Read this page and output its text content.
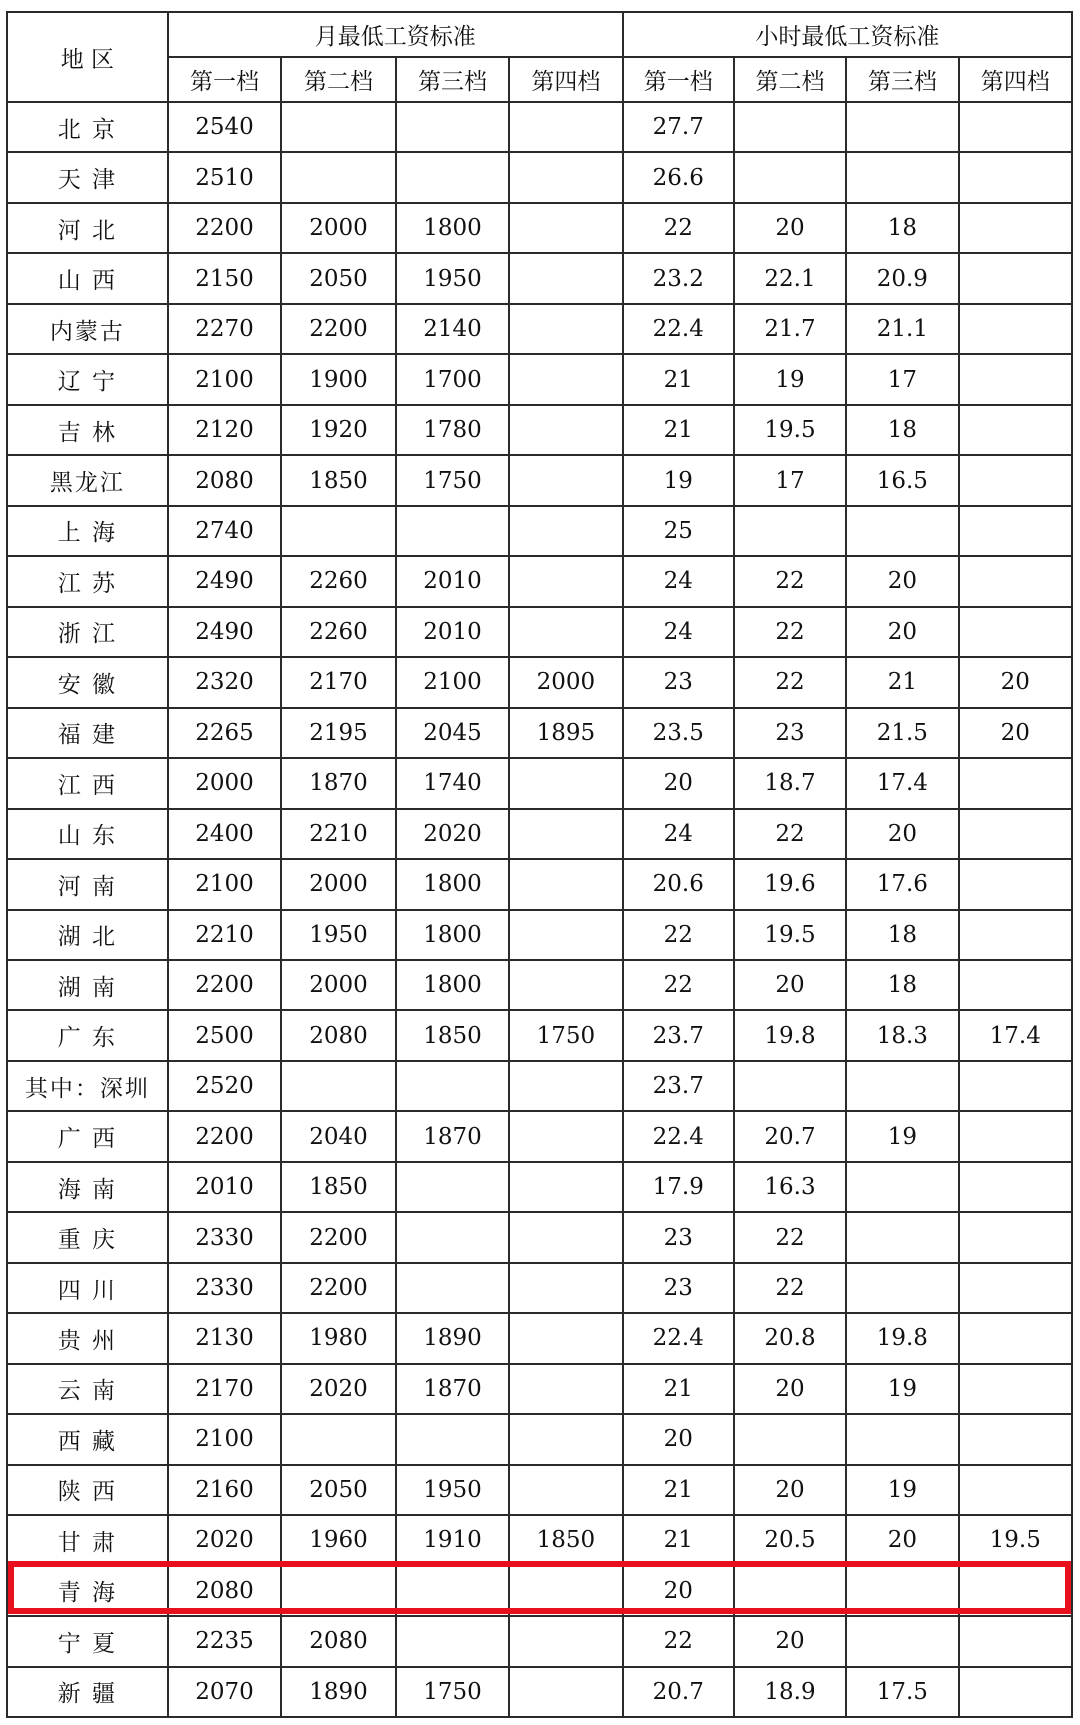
地 区	月最低工资标准				小时最低工资标准			
	第一档	第二档	第三档	第四档	第一档	第二档	第三档	第四档
北 京	2540				27.7			
天 津	2510				26.6			
河 北	2200	2000	1800		22	20	18	
山 西	2150	2050	1950		23.2	22.1	20.9	
内蒙古	2270	2200	2140		22.4	21.7	21.1	
辽 宁	2100	1900	1700		21	19	17	
吉 林	2120	1920	1780		21	19.5	18	
黑龙江	2080	1850	1750		19	17	16.5	
上 海	2740				25			
江 苏	2490	2260	2010		24	22	20	
浙 江	2490	2260	2010		24	22	20	
安 徽	2320	2170	2100	2000	23	22	21	20
福 建	2265	2195	2045	1895	23.5	23	21.5	20
江 西	2000	1870	1740		20	18.7	17.4	
山 东	2400	2210	2020		24	22	20	
河 南	2100	2000	1800		20.6	19.6	17.6	
湖 北	2210	1950	1800		22	19.5	18	
湖 南	2200	2000	1800		22	20	18	
广 东	2500	2080	1850	1750	23.7	19.8	18.3	17.4
其中：深圳	2520				23.7			
广 西	2200	2040	1870		22.4	20.7	19	
海 南	2010	1850			17.9	16.3		
重 庆	2330	2200			23	22		
四 川	2330	2200			23	22		
贵 州	2130	1980	1890		22.4	20.8	19.8	
云 南	2170	2020	1870		21	20	19	
西 藏	2100				20			
陕 西	2160	2050	1950		21	20	19	
甘 肃	2020	1960	1910	1850	21	20.5	20	19.5
青 海	2080				20			
宁 夏	2235	2080			22	20		
新 疆	2070	1890	1750		20.7	18.9	17.5	
